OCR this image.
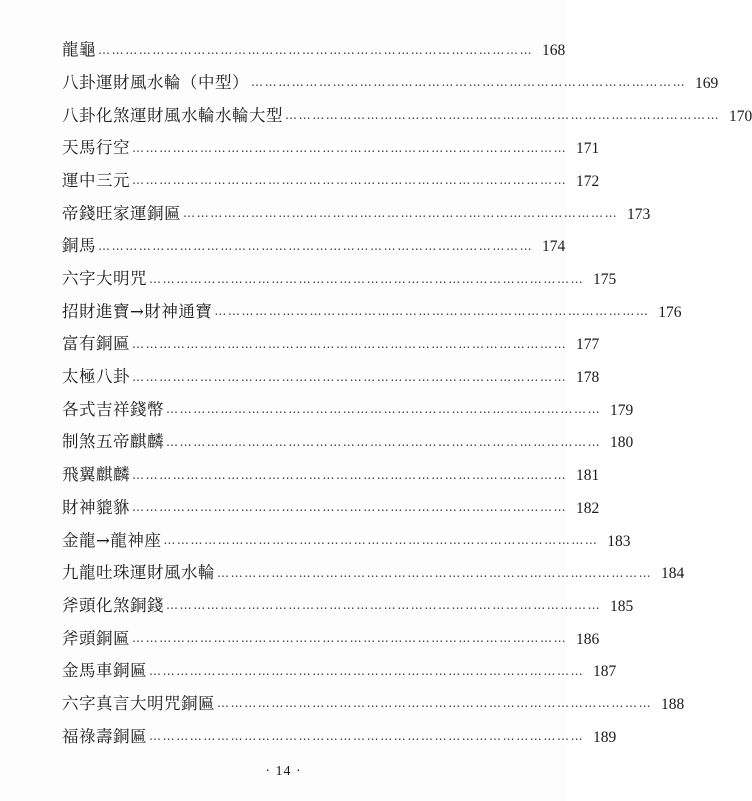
龍龜 …………………………………………………………………………………… 168
八卦運財風水輪（中型） …………………………………………………………………………………… 169
八卦化煞運財風水輪水輪大型 …………………………………………………………………………………… 170
天馬行空 …………………………………………………………………………………… 171
運中三元 …………………………………………………………………………………… 172
帝錢旺家運銅匾 …………………………………………………………………………………… 173
銅馬 …………………………………………………………………………………… 174
六字大明咒 …………………………………………………………………………………… 175
招財進寶→財神通寶 …………………………………………………………………………………… 176
富有銅匾 …………………………………………………………………………………… 177
太極八卦 …………………………………………………………………………………… 178
各式吉祥錢幣 …………………………………………………………………………………… 179
制煞五帝麒麟 …………………………………………………………………………………… 180
飛翼麒麟 …………………………………………………………………………………… 181
財神貔貅 …………………………………………………………………………………… 182
金龍→龍神座 …………………………………………………………………………………… 183
九龍吐珠運財風水輪 …………………………………………………………………………………… 184
斧頭化煞銅錢 …………………………………………………………………………………… 185
斧頭銅匾 …………………………………………………………………………………… 186
金馬車銅匾 …………………………………………………………………………………… 187
六字真言大明咒銅匾 …………………………………………………………………………………… 188
福祿壽銅匾 …………………………………………………………………………………… 189
· 14 ·
